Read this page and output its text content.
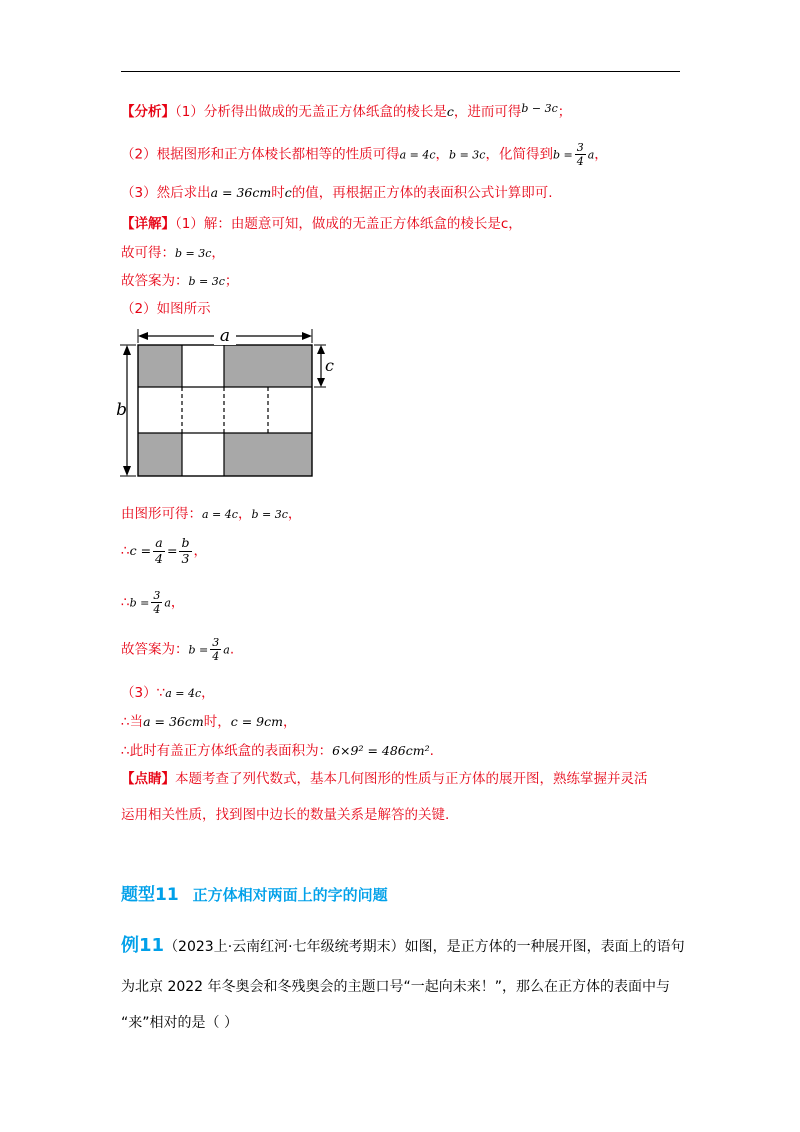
【分析】（1）分析得出做成的无盖正方体纸盒的棱长是c，进而可得$^{b - 3c}$；
（2）根据图形和正方体棱长都相等的性质可得a = 4c，b = 3c，化简得到$b = \frac{3}{4}$ a，
（3）然后求出a = 36cm时c的值，再根据正方体的表面积公式计算即可.
【详解】（1）解：由题意可知，做成的无盖正方体纸盒的棱长是c，
故可得：b = 3c，
故答案为：b = 3c；
（2）如图所示
a
b
c
由图形可得：a = 4c，b = 3c，
∴c = $\frac{a}{4} = \frac{b}{3}$ ，
∴b = $\frac{3}{4}$ a，
故答案为：$b = \frac{3}{4} a$.
（3）∵a = 4c，
∴当a = 36cm时，c = 9cm，
∴此时有盖正方体纸盒的表面积为：6×9² = 486cm².
【点睛】本题考查了列代数式，基本几何图形的性质与正方体的展开图，熟练掌握并灵活
运用相关性质，找到图中边长的数量关系是解答的关键.
题型11 正方体相对两面上的字的问题
例11（2023上·云南红河·七年级统考期末）如图，是正方体的一种展开图，表面上的语句
为北京 2022 年冬奥会和冬残奥会的主题口号“一起向未来！”，那么在正方体的表面中与
“来”相对的是（ ）
